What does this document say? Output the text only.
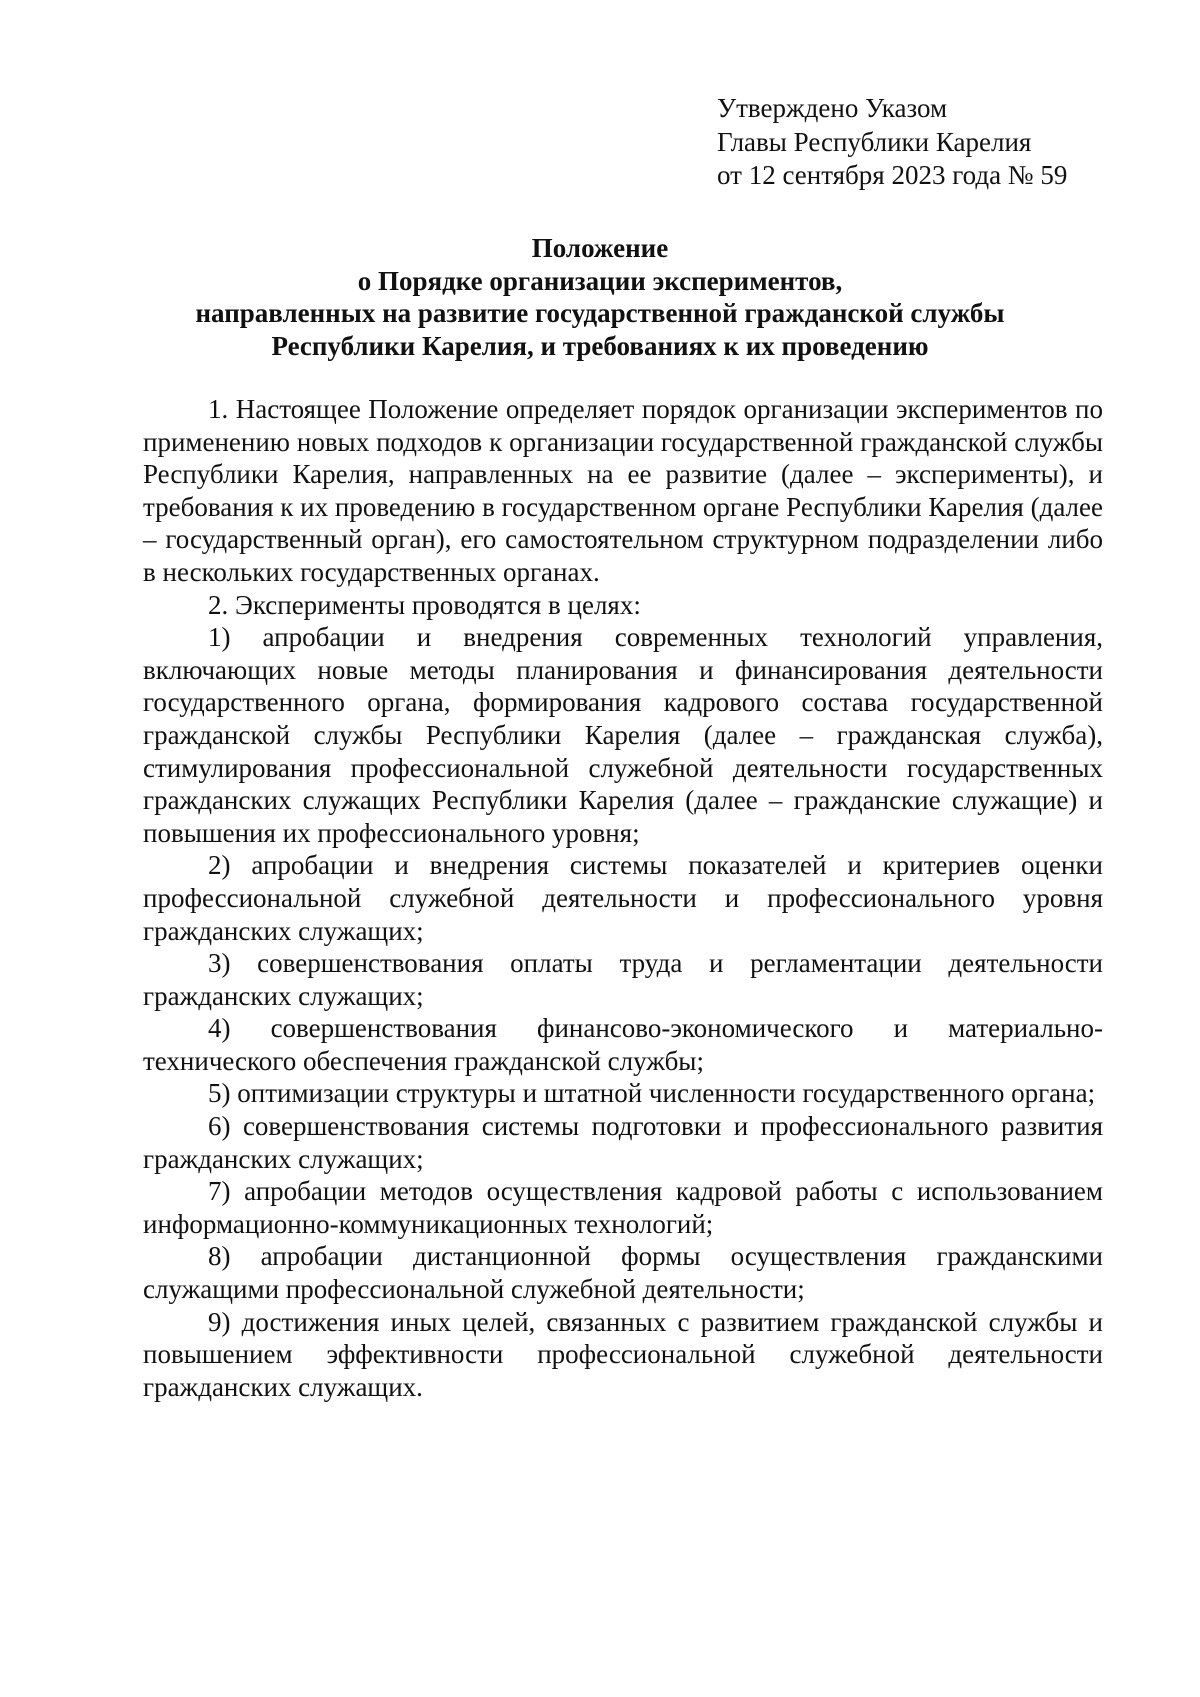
Утверждено Указом
Главы Республики Карелия
от 12 сентября 2023 года № 59
Положение
о Порядке организации экспериментов,
направленных на развитие государственной гражданской службы
Республики Карелия, и требованиях к их проведению

1. Настоящее Положение определяет порядок организации экспериментов по применению новых подходов к организации государственной гражданской службы Республики Карелия, направленных на ее развитие (далее – эксперименты), и требования к их проведению в государственном органе Республики Карелия (далее – государственный орган), его самостоятельном структурном подразделении либо в нескольких государственных органах.

2. Эксперименты проводятся в целях:

1) апробации и внедрения современных технологий управления, включающих новые методы планирования и финансирования деятельности государственного органа, формирования кадрового состава государственной гражданской службы Республики Карелия (далее – гражданская служба), стимулирования профессиональной служебной деятельности государственных гражданских служащих Республики Карелия (далее – гражданские служащие) и повышения их профессионального уровня;

2) апробации и внедрения системы показателей и критериев оценки профессиональной служебной деятельности и профессионального уровня гражданских служащих;

3) совершенствования оплаты труда и регламентации деятельности гражданских служащих;

4) совершенствования финансово-экономического и материально-технического обеспечения гражданской службы;

5) оптимизации структуры и штатной численности государственного органа;

6) совершенствования системы подготовки и профессионального развития гражданских служащих;

7) апробации методов осуществления кадровой работы с использованием информационно-коммуникационных технологий;

8) апробации дистанционной формы осуществления гражданскими служащими профессиональной служебной деятельности;

9) достижения иных целей, связанных с развитием гражданской службы и повышением эффективности профессиональной служебной деятельности гражданских служащих.
